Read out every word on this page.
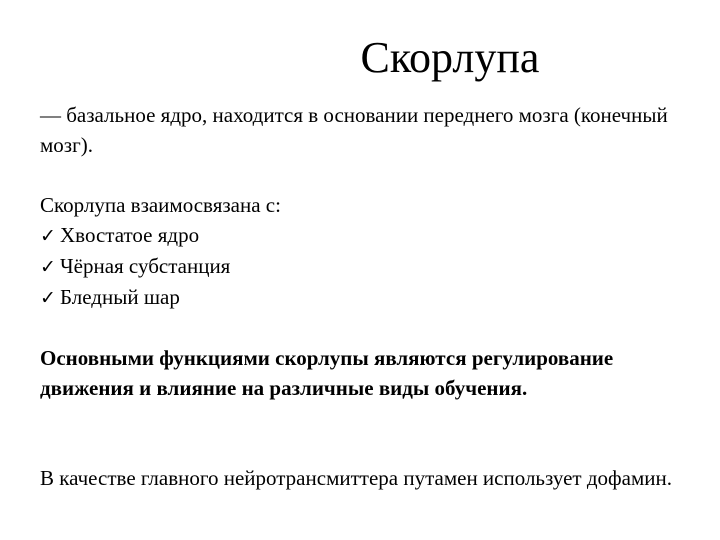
Скорлупа

— базальное ядро, находится в основании переднего мозга (конечный мозг).

Скорлупа взаимосвязана с:

✓ Хвостатое ядро
✓ Чёрная субстанция
✓ Бледный шар

Основными функциями скорлупы являются регулирование движения и влияние на различные виды обучения.

В качестве главного нейротрансмиттера путамен использует дофамин.
